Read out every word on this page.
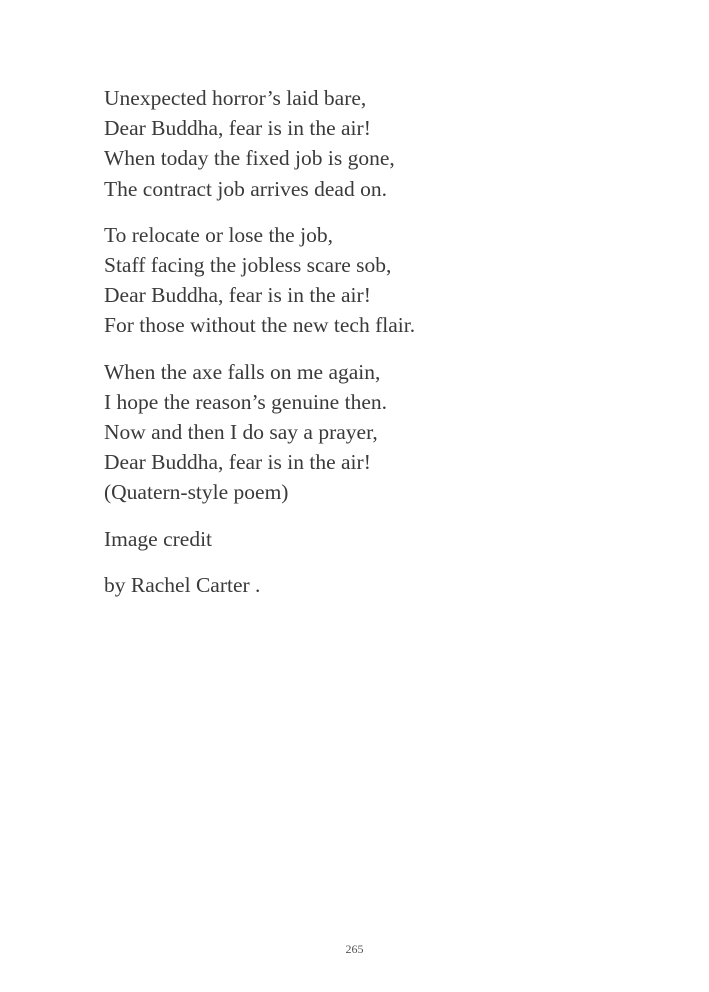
Unexpected horror’s laid bare,
Dear Buddha, fear is in the air!
When today the fixed job is gone,
The contract job arrives dead on.
To relocate or lose the job,
Staff facing the jobless scare sob,
Dear Buddha, fear is in the air!
For those without the new tech flair.
When the axe falls on me again,
I hope the reason’s genuine then.
Now and then I do say a prayer,
Dear Buddha, fear is in the air!
(Quatern-style poem)
Image credit
by Rachel Carter .
265
